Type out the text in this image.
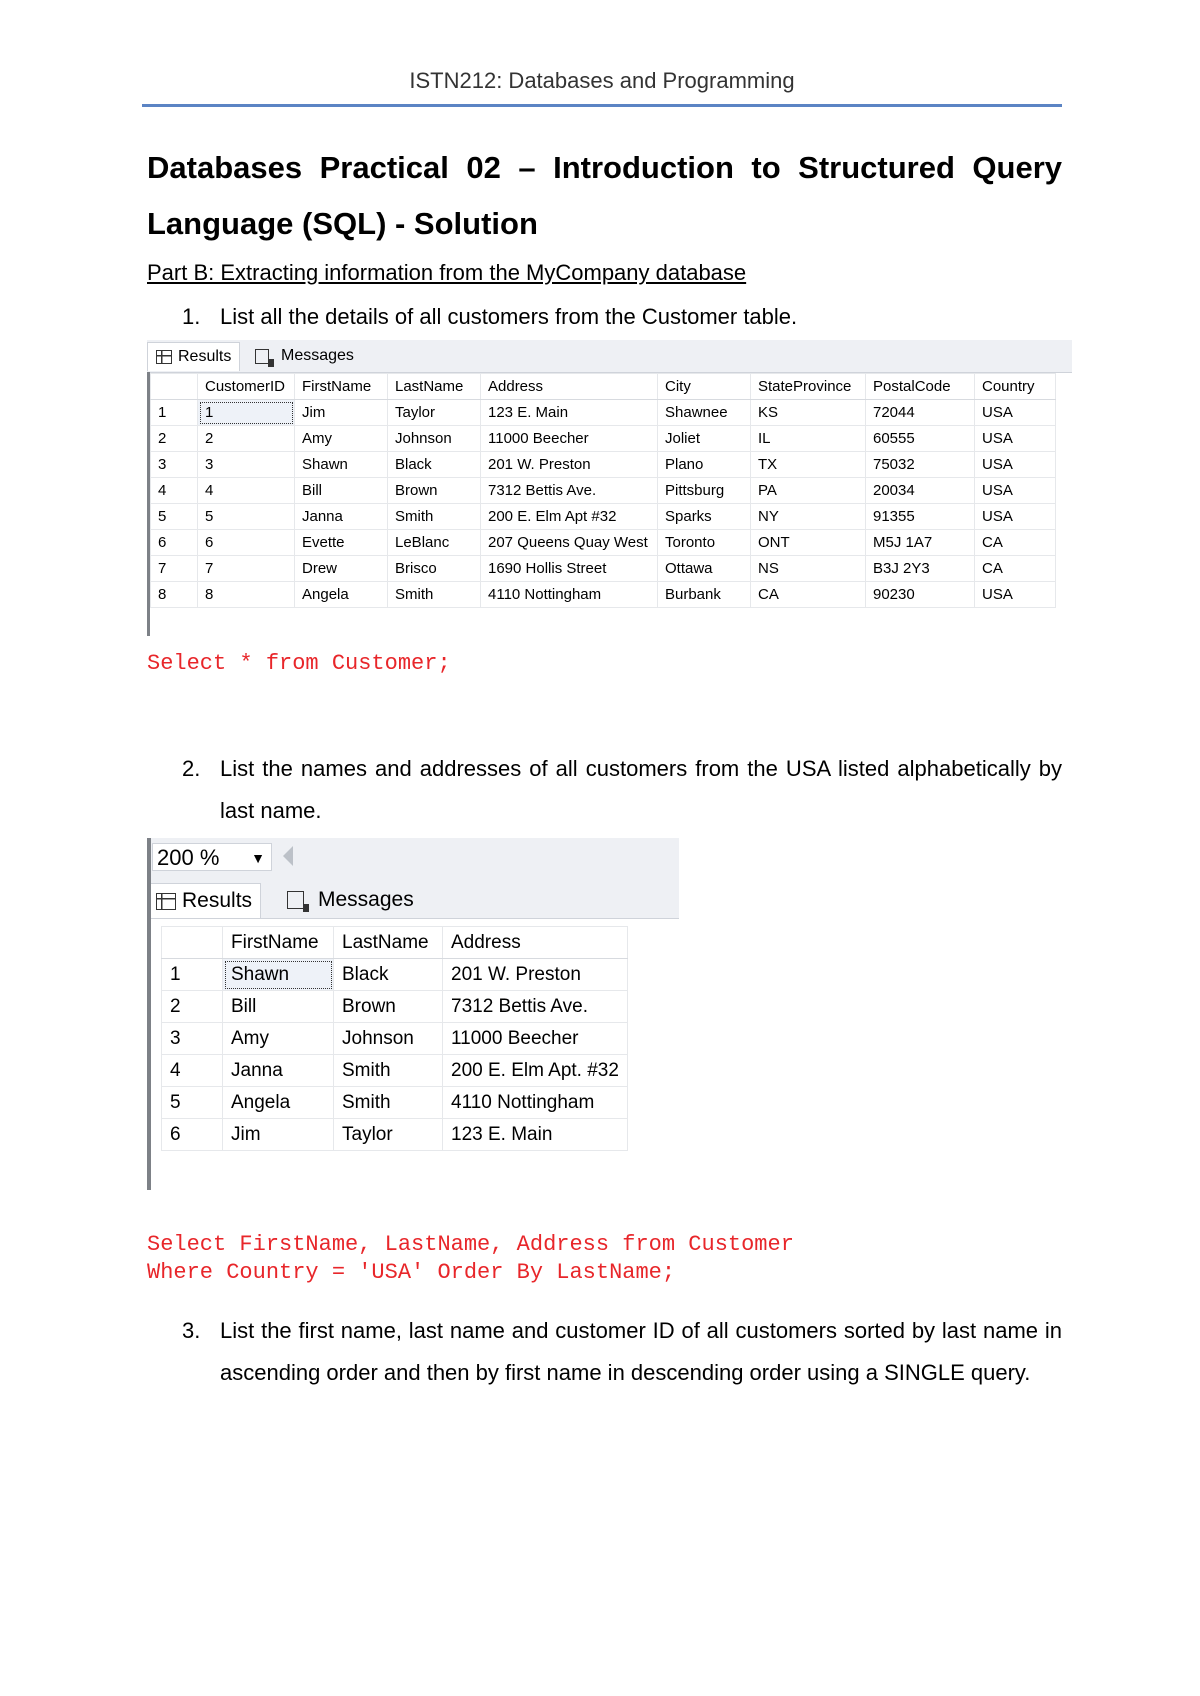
ISTN212: Databases and Programming
Databases Practical 02 – Introduction to Structured Query Language (SQL) - Solution
Part B: Extracting information from the MyCompany database
1. List all the details of all customers from the Customer table.
Results	Messages
	CustomerID	FirstName	LastName	Address	City	StateProvince	PostalCode	Country
1	1	Jim	Taylor	123 E. Main	Shawnee	KS	72044	USA
2	2	Amy	Johnson	11000 Beecher	Joliet	IL	60555	USA
3	3	Shawn	Black	201 W. Preston	Plano	TX	75032	USA
4	4	Bill	Brown	7312 Bettis Ave.	Pittsburg	PA	20034	USA
5	5	Janna	Smith	200 E. Elm Apt #32	Sparks	NY	91355	USA
6	6	Evette	LeBlanc	207 Queens Quay West	Toronto	ONT	M5J 1A7	CA
7	7	Drew	Brisco	1690 Hollis Street	Ottawa	NS	B3J 2Y3	CA
8	8	Angela	Smith	4110 Nottingham	Burbank	CA	90230	USA
Select * from Customer;
2. List the names and addresses of all customers from the USA listed alphabetically by last name.
200 % ▼
Results	Messages
	FirstName	LastName	Address
1	Shawn	Black	201 W. Preston
2	Bill	Brown	7312 Bettis Ave.
3	Amy	Johnson	11000 Beecher
4	Janna	Smith	200 E. Elm Apt. #32
5	Angela	Smith	4110 Nottingham
6	Jim	Taylor	123 E. Main

Select FirstName, LastName, Address from Customer
Where Country = 'USA' Order By LastName;
3. List the first name, last name and customer ID of all customers sorted by last name in ascending order and then by first name in descending order using a SINGLE query.
